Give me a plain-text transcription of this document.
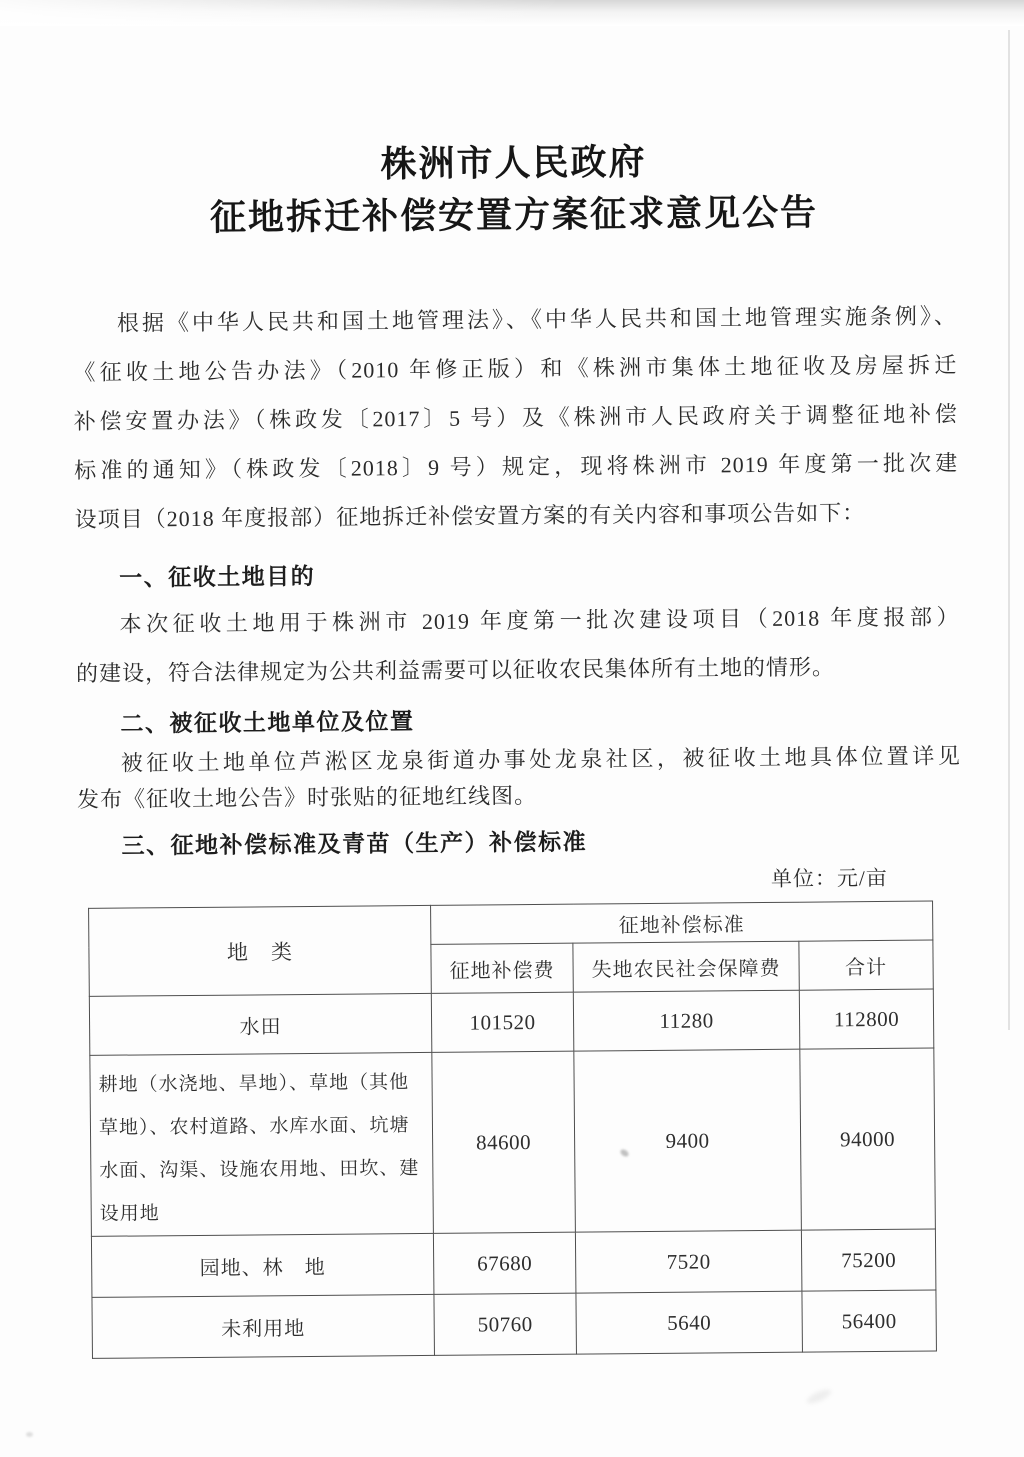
株洲市人民政府
征地拆迁补偿安置方案征求意见公告
根据《中华人民共和国土地管理法》、《中华人民共和国土地管理实施条例》、
《征收土地公告办法》（2010 年修正版）和《株洲市集体土地征收及房屋拆迁
补偿安置办法》（株政发〔2017〕5 号）及《株洲市人民政府关于调整征地补偿
标准的通知》（株政发〔2018〕9 号）规定，现将株洲市 2019 年度第一批次建
设项目（2018 年度报部）征地拆迁补偿安置方案的有关内容和事项公告如下：
一、征收土地目的
本次征收土地用于株洲市 2019 年度第一批次建设项目（2018 年度报部）
的建设，符合法律规定为公共利益需要可以征收农民集体所有土地的情形。
二、被征收土地单位及位置
被征收土地单位芦淞区龙泉街道办事处龙泉社区，被征收土地具体位置详见
发布《征收土地公告》时张贴的征地红线图。
三、征地补偿标准及青苗（生产）补偿标准
单位：元/亩
地　类	征地补偿标准		
	征地补偿费	失地农民社会保障费	合计
水田	101520	11280	112800
耕地（水浇地、旱地）、草地（其他草地）、农村道路、水库水面、坑塘水面、沟渠、设施农用地、田坎、建设用地	84600	9400	94000
园地、林　地	67680	7520	75200
未利用地	50760	5640	56400
